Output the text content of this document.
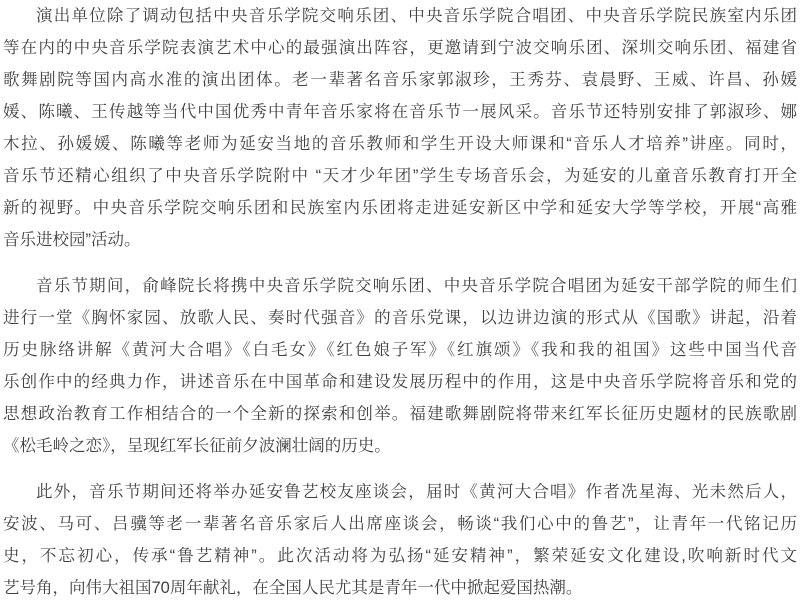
演出单位除了调动包括中央音乐学院交响乐团、中央音乐学院合唱团、中央音乐学院民族室内乐团
等在内的中央音乐学院表演艺术中心的最强演出阵容，更邀请到宁波交响乐团、深圳交响乐团、福建省
歌舞剧院等国内高水准的演出团体。老一辈著名音乐家郭淑珍，王秀芬、袁晨野、王威、许昌、孙媛
媛、陈曦、王传越等当代中国优秀中青年音乐家将在音乐节一展风采。音乐节还特别安排了郭淑珍、娜
木拉、孙媛媛、陈曦等老师为延安当地的音乐教师和学生开设大师课和“音乐人才培养”讲座。同时，
音乐节还精心组织了中央音乐学院附中 “天才少年团”学生专场音乐会，为延安的儿童音乐教育打开全
新的视野。中央音乐学院交响乐团和民族室内乐团将走进延安新区中学和延安大学等学校，开展“高雅
音乐进校园”活动。
音乐节期间，俞峰院长将携中央音乐学院交响乐团、中央音乐学院合唱团为延安干部学院的师生们
进行一堂《胸怀家园、放歌人民、奏时代强音》的音乐党课，以边讲边演的形式从《国歌》讲起，沿着
历史脉络讲解《黄河大合唱》《白毛女》《红色娘子军》《红旗颂》《我和我的祖国》这些中国当代音
乐创作中的经典力作，讲述音乐在中国革命和建设发展历程中的作用，这是中央音乐学院将音乐和党的
思想政治教育工作相结合的一个全新的探索和创举。福建歌舞剧院将带来红军长征历史题材的民族歌剧
《松毛岭之恋》，呈现红军长征前夕波澜壮阔的历史。
此外，音乐节期间还将举办延安鲁艺校友座谈会，届时《黄河大合唱》作者冼星海、光未然后人，
安波、马可、吕骥等老一辈著名音乐家后人出席座谈会，畅谈“我们心中的鲁艺”，让青年一代铭记历
史，不忘初心，传承“鲁艺精神”。此次活动将为弘扬“延安精神”，繁荣延安文化建设,吹响新时代文
艺号角，向伟大祖国70周年献礼，在全国人民尤其是青年一代中掀起爱国热潮。
